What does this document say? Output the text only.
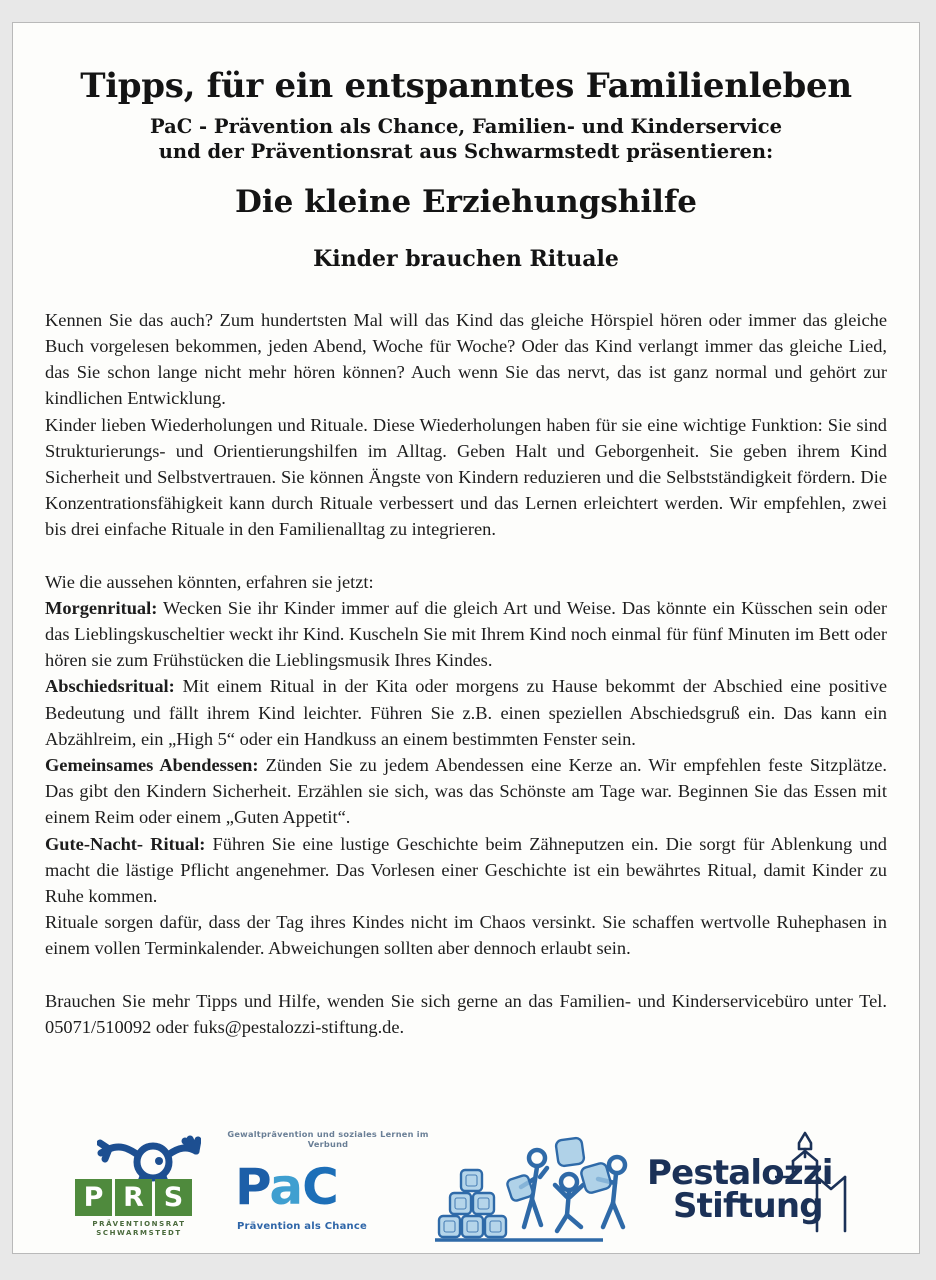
Tipps, für ein entspanntes Familienleben
PaC - Prävention als Chance, Familien- und Kinderservice
und der Präventionsrat aus Schwarmstedt präsentieren:
Die kleine Erziehungshilfe
Kinder brauchen Rituale

Kennen Sie das auch? Zum hundertsten Mal will das Kind das gleiche Hörspiel hören oder immer das gleiche Buch vorgelesen bekommen, jeden Abend, Woche für Woche? Oder das Kind verlangt immer das gleiche Lied, das Sie schon lange nicht mehr hören können? Auch wenn Sie das nervt, das ist ganz normal und gehört zur kindlichen Entwicklung.

Kinder lieben Wiederholungen und Rituale. Diese Wiederholungen haben für sie eine wichtige Funktion: Sie sind Strukturierungs- und Orientierungshilfen im Alltag. Geben Halt und Geborgenheit. Sie geben ihrem Kind Sicherheit und Selbstvertrauen. Sie können Ängste von Kindern reduzieren und die Selbstständigkeit fördern. Die Konzentrationsfähigkeit kann durch Rituale verbessert und das Lernen erleichtert werden. Wir empfehlen, zwei bis drei einfache Rituale in den Familienalltag zu integrieren.

Wie die aussehen könnten, erfahren sie jetzt:

Morgenritual: Wecken Sie ihr Kinder immer auf die gleich Art und Weise. Das könnte ein Küsschen sein oder das Lieblingskuscheltier weckt ihr Kind. Kuscheln Sie mit Ihrem Kind noch einmal für fünf Minuten im Bett oder hören sie zum Frühstücken die Lieblingsmusik Ihres Kindes.

Abschiedsritual: Mit einem Ritual in der Kita oder morgens zu Hause bekommt der Abschied eine positive Bedeutung und fällt ihrem Kind leichter. Führen Sie z.B. einen speziellen Abschiedsgruß ein. Das kann ein Abzählreim, ein „High 5“ oder ein Handkuss an einem bestimmten Fenster sein.

Gemeinsames Abendessen: Zünden Sie zu jedem Abendessen eine Kerze an. Wir empfehlen feste Sitzplätze. Das gibt den Kindern Sicherheit. Erzählen sie sich, was das Schönste am Tage war. Beginnen Sie das Essen mit einem Reim oder einem „Guten Appetit“.

Gute-Nacht- Ritual: Führen Sie eine lustige Geschichte beim Zähneputzen ein. Die sorgt für Ablenkung und macht die lästige Pflicht angenehmer. Das Vorlesen einer Geschichte ist ein bewährtes Ritual, damit Kinder zu Ruhe kommen.

Rituale sorgen dafür, dass der Tag ihres Kindes nicht im Chaos versinkt. Sie schaffen wertvolle Ruhephasen in einem vollen Terminkalender. Abweichungen sollten aber dennoch erlaubt sein.

Brauchen Sie mehr Tipps und Hilfe, wenden Sie sich gerne an das Familien- und Kinderservicebüro unter Tel. 05071/510092 oder fuks@pestalozzi-stiftung.de.

P R S
PRÄVENTIONSRAT
SCHWARMSTEDT
Gewaltprävention und soziales Lernen im Verbund
PaC
Prävention als Chance
Pestalozzi
Stiftung
